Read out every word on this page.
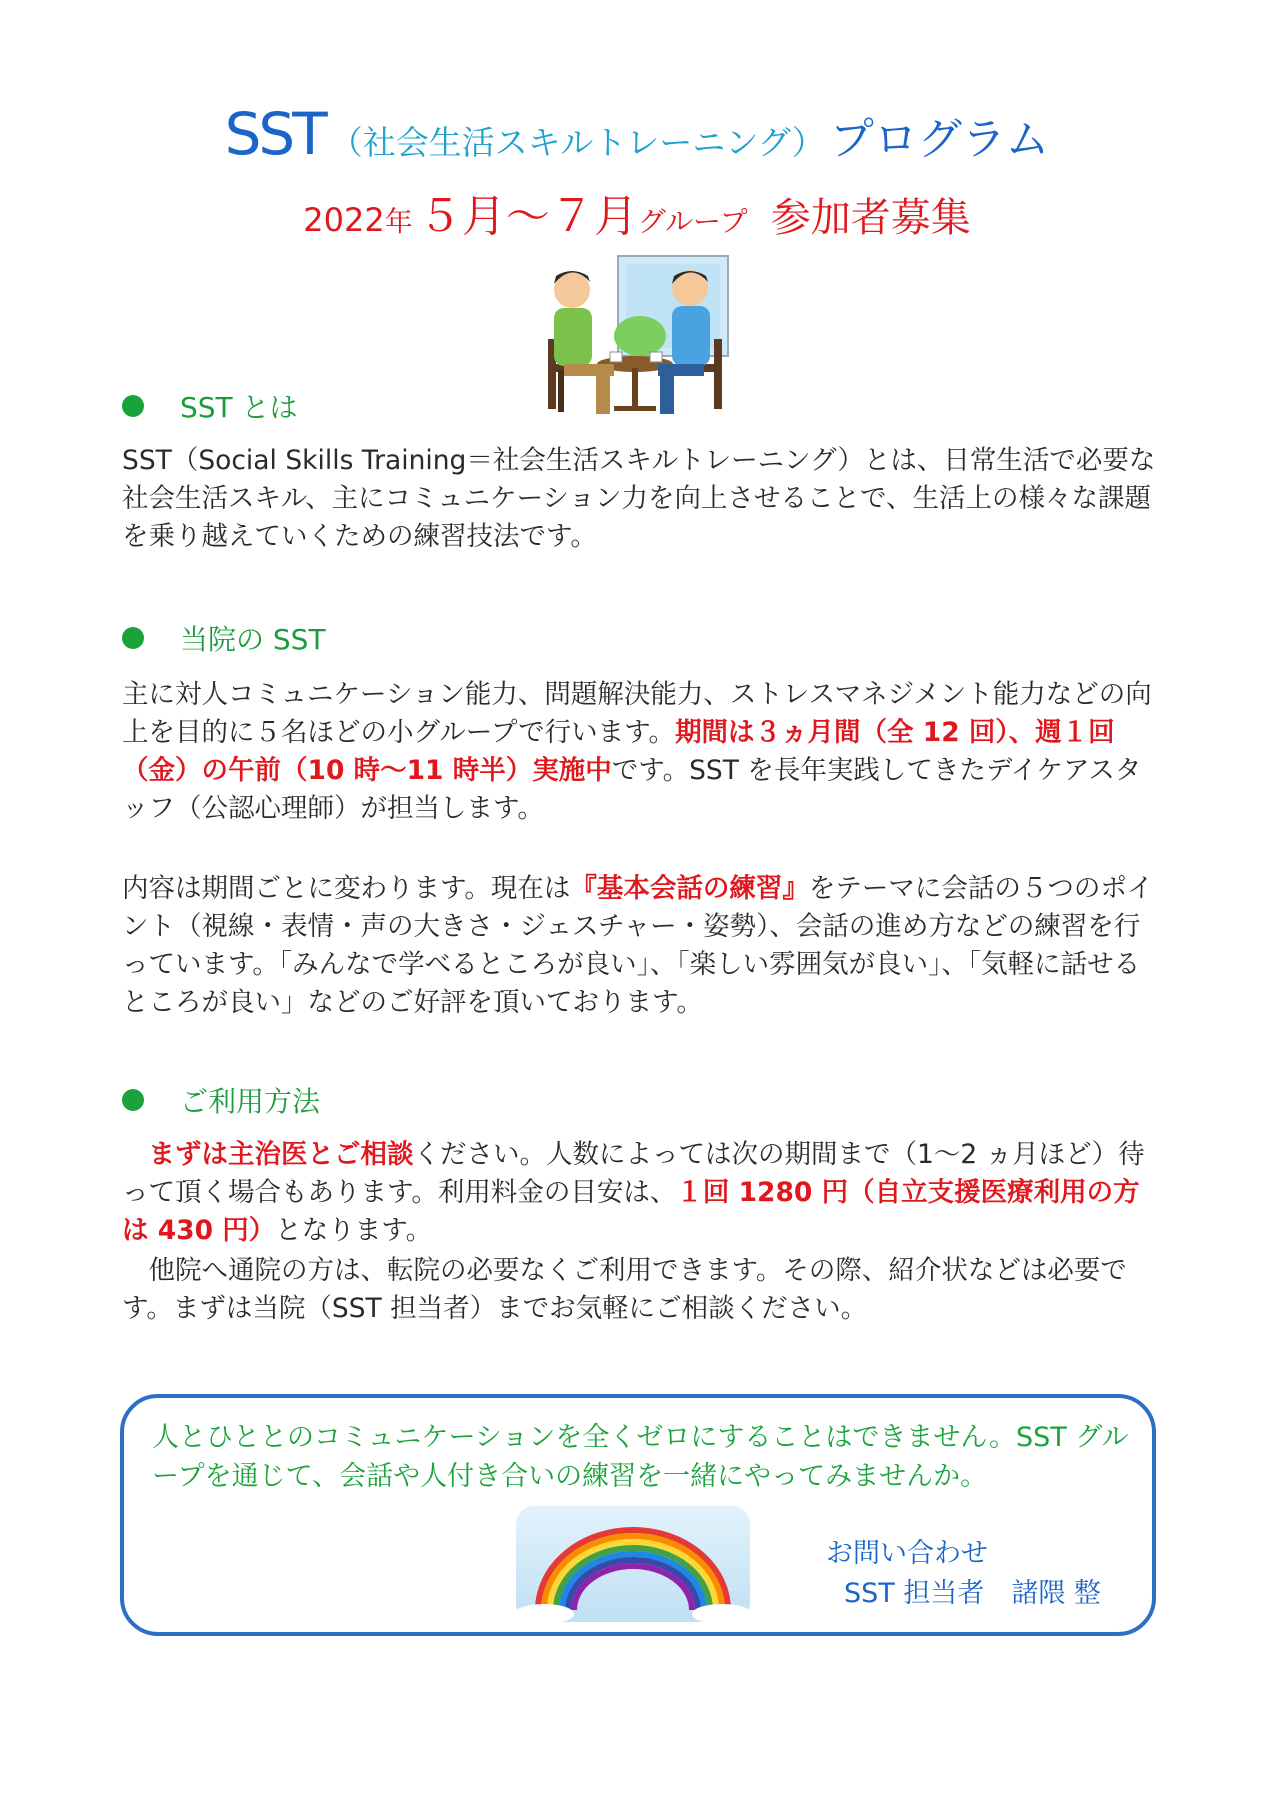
SST （社会生活スキルトレーニング） プログラム
2022年 ５月～７月グループ 参加者募集
SST とは

SST（Social Skills Training＝社会生活スキルトレーニング）とは、日常生活で必要な社会生活スキル、主にコミュニケーション力を向上させることで、生活上の様々な課題を乗り越えていくための練習技法です。

当院の SST

主に対人コミュニケーション能力、問題解決能力、ストレスマネジメント能力などの向上を目的に５名ほどの小グループで行います。期間は３ヵ月間（全 12 回）、週１回（金）の午前（10 時～11 時半）実施中です。SST を長年実践してきたデイケアスタッフ（公認心理師）が担当します。

内容は期間ごとに変わります。現在は『基本会話の練習』をテーマに会話の５つのポイント（視線・表情・声の大きさ・ジェスチャー・姿勢）、会話の進め方などの練習を行っています。「みんなで学べるところが良い」、「楽しい雰囲気が良い」、「気軽に話せるところが良い」などのご好評を頂いております。

ご利用方法

　まずは主治医とご相談ください。人数によっては次の期間まで（1～2 ヵ月ほど）待って頂く場合もあります。利用料金の目安は、１回 1280 円（自立支援医療利用の方は 430 円）となります。

　他院へ通院の方は、転院の必要なくご利用できます。その際、紹介状などは必要です。まずは当院（SST 担当者）までお気軽にご相談ください。

人とひととのコミュニケーションを全くゼロにすることはできません。SST グループを通じて、会話や人付き合いの練習を一緒にやってみませんか。
お問い合わせ
SST 担当者　諸隈 整
